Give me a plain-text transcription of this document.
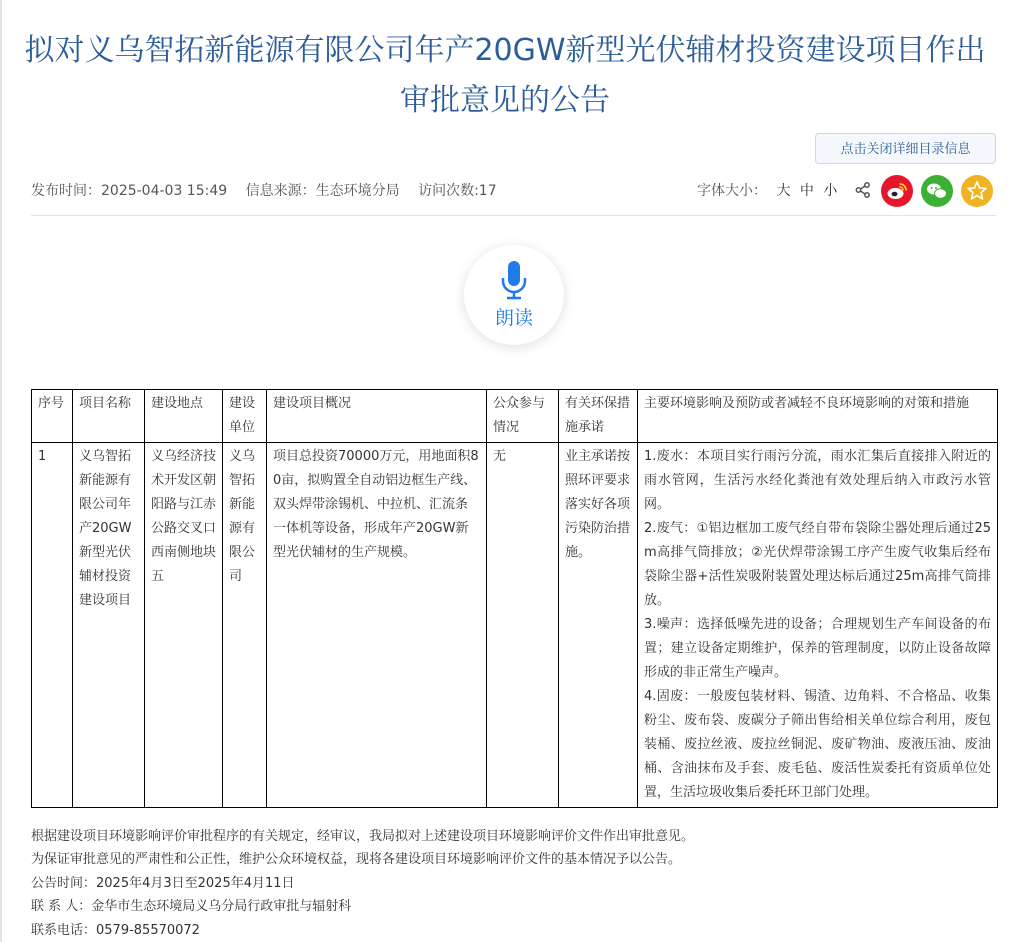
拟对义乌智拓新能源有限公司年产20GW新型光伏辅材投资建设项目作出审批意见的公告
点击关闭详细目录信息
发布时间：2025-04-03 15:49 信息来源：生态环境分局 访问次数:17	字体大小： 大 中 小
朗读
序号	项目名称	建设地点	建设单位	建设项目概况	公众参与情况	有关环保措施承诺	主要环境影响及预防或者减轻不良环境影响的对策和措施
1	义乌智拓新能源有限公司年产20GW新型光伏辅材投资建设项目	义乌经济技术开发区朝阳路与江赤公路交叉口西南侧地块五	义乌智拓新能源有限公司	项目总投资70000万元，用地面积80亩，拟购置全自动铝边框生产线、双头焊带涂锡机、中拉机、汇流条一体机等设备，形成年产20GW新型光伏辅材的生产规模。	无	业主承诺按照环评要求落实好各项污染防治措施。	1.废水：本项目实行雨污分流，雨水汇集后直接排入附近的雨水管网，生活污水经化粪池有效处理后纳入市政污水管网。
2.废气：①铝边框加工废气经自带布袋除尘器处理后通过25m高排气筒排放；②光伏焊带涂锡工序产生废气收集后经布袋除尘器+活性炭吸附装置处理达标后通过25m高排气筒排放。
3.噪声：选择低噪先进的设备；合理规划生产车间设备的布置；建立设备定期维护，保养的管理制度，以防止设备故障形成的非正常生产噪声。
4.固废：一般废包装材料、锡渣、边角料、不合格品、收集粉尘、废布袋、废碳分子筛出售给相关单位综合利用，废包装桶、废拉丝液、废拉丝铜泥、废矿物油、废液压油、废油桶、含油抹布及手套、废毛毡、废活性炭委托有资质单位处置，生活垃圾收集后委托环卫部门处理。
根据建设项目环境影响评价审批程序的有关规定，经审议，我局拟对上述建设项目环境影响评价文件作出审批意见。
为保证审批意见的严肃性和公正性，维护公众环境权益，现将各建设项目环境影响评价文件的基本情况予以公告。
公告时间：2025年4月3日至2025年4月11日
联 系 人：金华市生态环境局义乌分局行政审批与辐射科
联系电话：0579-85570072
